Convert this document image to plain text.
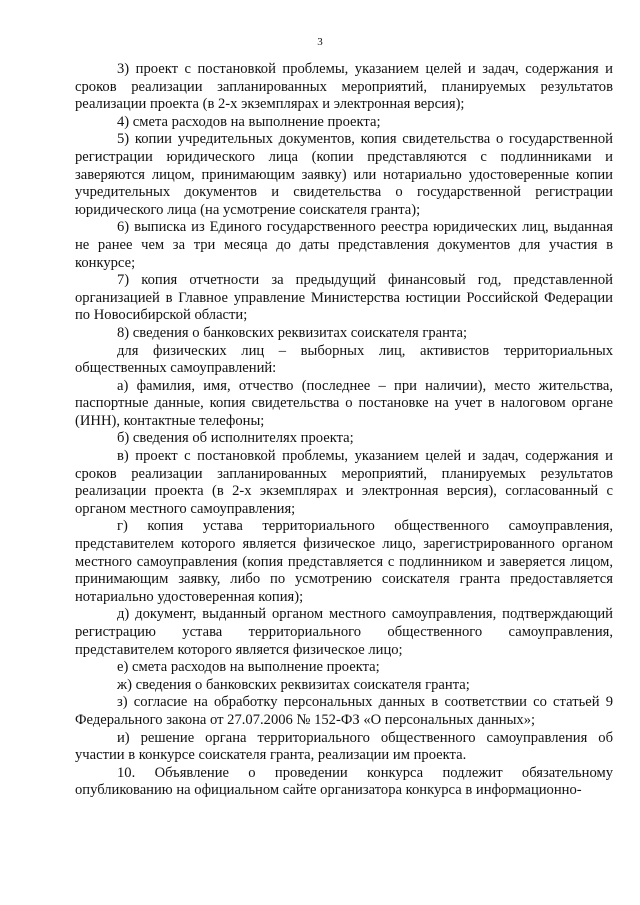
3

3) проект с постановкой проблемы, указанием целей и задач, содержания и сроков реализации запланированных мероприятий, планируемых результатов реализации проекта (в 2-х экземплярах и электронная версия);

4) смета расходов на выполнение проекта;

5) копии учредительных документов, копия свидетельства о государственной регистрации юридического лица (копии представляются с подлинниками и заверяются лицом, принимающим заявку) или нотариально удостоверенные копии учредительных документов и свидетельства о государственной регистрации юридического лица (на усмотрение соискателя гранта);

6) выписка из Единого государственного реестра юридических лиц, выданная не ранее чем за три месяца до даты представления документов для участия в конкурсе;

7) копия отчетности за предыдущий финансовый год, представленной организацией в Главное управление Министерства юстиции Российской Федерации по Новосибирской области;

8) сведения о банковских реквизитах соискателя гранта;

для физических лиц – выборных лиц, активистов территориальных общественных самоуправлений:

а) фамилия, имя, отчество (последнее – при наличии), место жительства, паспортные данные, копия свидетельства о постановке на учет в налоговом органе (ИНН), контактные телефоны;

б) сведения об исполнителях проекта;

в) проект с постановкой проблемы, указанием целей и задач, содержания и сроков реализации запланированных мероприятий, планируемых результатов реализации проекта (в 2-х экземплярах и электронная версия), согласованный с органом местного самоуправления;

г) копия устава территориального общественного самоуправления, представителем которого является физическое лицо, зарегистрированного органом местного самоуправления (копия представляется с подлинником и заверяется лицом, принимающим заявку, либо по усмотрению соискателя гранта предоставляется нотариально удостоверенная копия);

д) документ, выданный органом местного самоуправления, подтверждающий регистрацию устава территориального общественного самоуправления, представителем которого является физическое лицо;

е) смета расходов на выполнение проекта;

ж) сведения о банковских реквизитах соискателя гранта;

з) согласие на обработку персональных данных в соответствии со статьей 9 Федерального закона от 27.07.2006 № 152-ФЗ «О персональных данных»;

и) решение органа территориального общественного самоуправления об участии в конкурсе соискателя гранта, реализации им проекта.

10. Объявление о проведении конкурса подлежит обязательному опубликованию на официальном сайте организатора конкурса в информационно-
